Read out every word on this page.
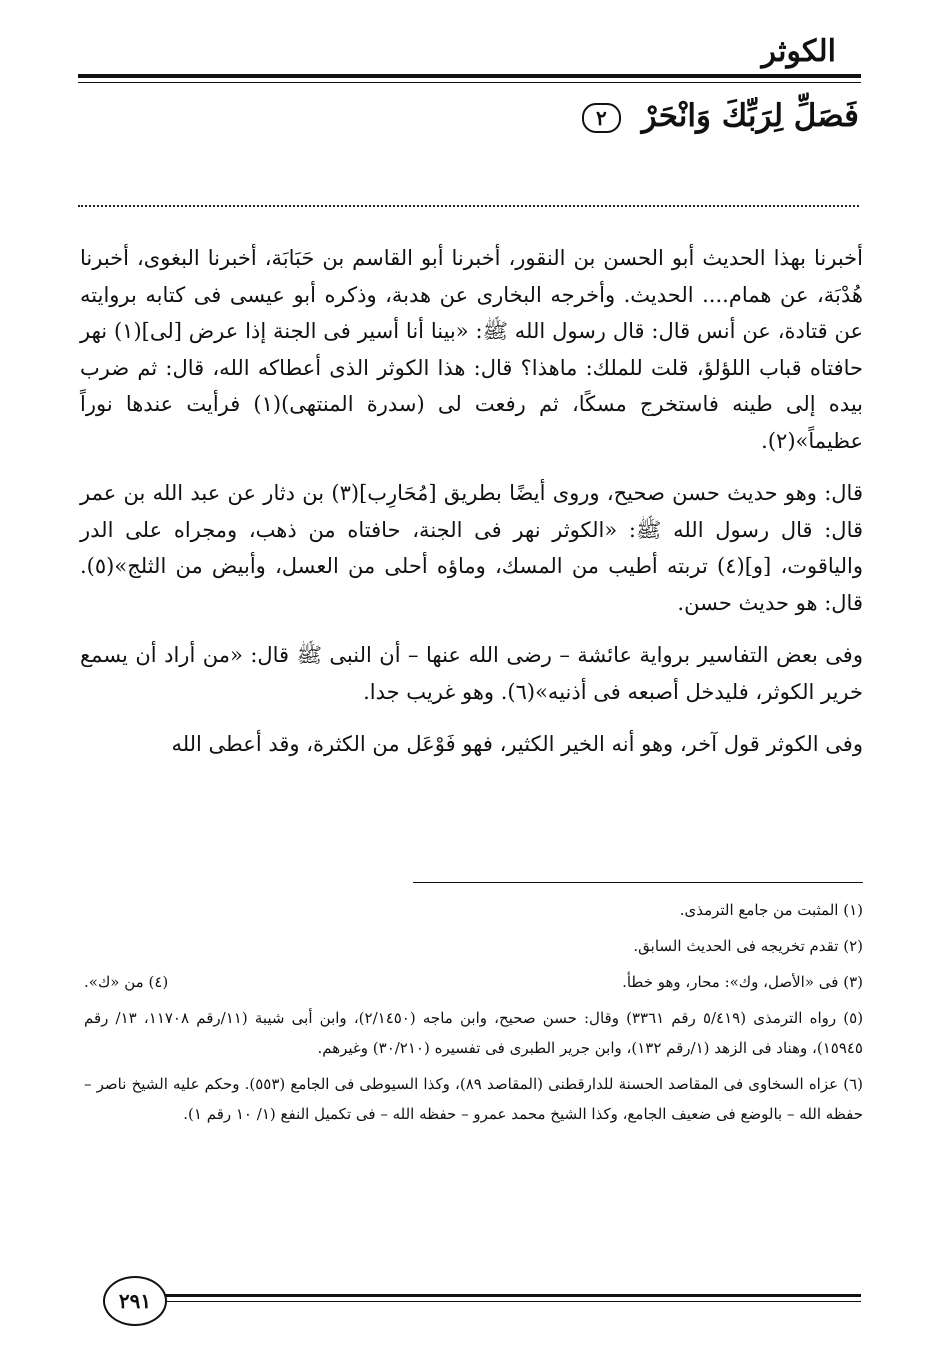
الكوثر
فَصَلِّ لِرَبِّكَ وَانْحَرْ ٢

أخبرنا بهذا الحديث أبو الحسن بن النقور، أخبرنا أبو القاسم بن حَبَابَة، أخبرنا البغوى، أخبرنا هُدْبَة، عن همام.... الحديث. وأخرجه البخارى عن هدبة، وذكره أبو عيسى فى كتابه بروايته عن قتادة، عن أنس قال: قال رسول الله ﷺ: «بينا أنا أسير فى الجنة إذا عرض [لى](١) نهر حافتاه قباب اللؤلؤ، قلت للملك: ماهذا؟ قال: هذا الكوثر الذى أعطاكه الله، قال: ثم ضرب بيده إلى طينه فاستخرج مسكًا، ثم رفعت لى (سدرة المنتهى)(١) فرأيت عندها نوراً عظيماً»(٢).

قال: وهو حديث حسن صحيح، وروى أيضًا بطريق [مُحَارِب](٣) بن دثار عن عبد الله بن عمر قال: قال رسول الله ﷺ: «الكوثر نهر فى الجنة، حافتاه من ذهب، ومجراه على الدر والياقوت، [و](٤) تربته أطيب من المسك، وماؤه أحلى من العسل، وأبيض من الثلج»(٥). قال: هو حديث حسن.

وفى بعض التفاسير برواية عائشة – رضى الله عنها – أن النبى ﷺ قال: «من أراد أن يسمع خرير الكوثر، فليدخل أصبعه فى أذنيه»(٦). وهو غريب جدا.

وفى الكوثر قول آخر، وهو أنه الخير الكثير، فهو فَوْعَل من الكثرة، وقد أعطى الله

(١) المثبت من جامع الترمذى.
(٢) تقدم تخريجه فى الحديث السابق.
(٣) فى «الأصل، وك»: محار، وهو خطأ.
(٤) من «ك».
(٥) رواه الترمذى (٥/٤١٩ رقم ٣٣٦١) وقال: حسن صحيح، وابن ماجه (٢/١٤٥٠)، وابن أبى شيبة (١١/رقم ١١٧٠٨، ١٣/ رقم ١٥٩٤٥)، وهناد فى الزهد (١/رقم ١٣٢)، وابن جرير الطبرى فى تفسيره (٣٠/٢١٠) وغيرهم.
(٦) عزاه السخاوى فى المقاصد الحسنة للدارقطنى (المقاصد ٨٩)، وكذا السيوطى فى الجامع (٥٥٣). وحكم عليه الشيخ ناصر – حفظه الله – بالوضع فى ضعيف الجامع، وكذا الشيخ محمد عمرو – حفظه الله – فى تكميل النفع (١/ ١٠ رقم ١).
٢٩١
